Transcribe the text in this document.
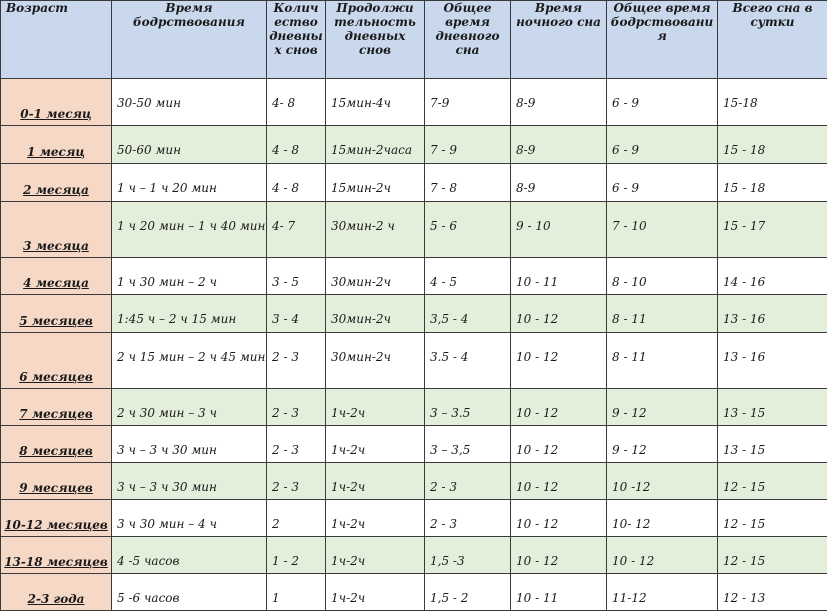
Возраст	Время бодрствования	Колич ество дневны х снов	Продолжи тельность дневных снов	Общее время дневного сна	Время ночного сна	Общее время бодрствовани я	Всего сна в сутки
0-1 месяц	30-50 мин	4- 8	15мин-4ч	7-9	8-9	6 - 9	15-18
1 месяц	50-60 мин	4 - 8	15мин-2часа	7 - 9	8-9	6 - 9	15 - 18
2 месяца	1 ч – 1 ч 20 мин	4 - 8	15мин-2ч	7 - 8	8-9	6 - 9	15 - 18
3 месяца	1 ч 20 мин – 1 ч 40 мин	4- 7	30мин-2 ч	5 - 6	9 - 10	7 - 10	15 - 17
4 месяца	1 ч 30 мин – 2 ч	3 - 5	30мин-2ч	4 - 5	10 - 11	8 - 10	14 - 16
5 месяцев	1:45 ч – 2 ч 15 мин	3 - 4	30мин-2ч	3,5 - 4	10 - 12	8 - 11	13 - 16
6 месяцев	2 ч 15 мин – 2 ч 45 мин	2 - 3	30мин-2ч	3.5 - 4	10 - 12	8 - 11	13 - 16
7 месяцев	2 ч 30 мин – 3 ч	2 - 3	1ч-2ч	3 – 3.5	10 - 12	9 - 12	13 - 15
8 месяцев	3 ч – 3 ч 30 мин	2 - 3	1ч-2ч	3 – 3,5	10 - 12	9 - 12	13 - 15
9 месяцев	3 ч – 3 ч 30 мин	2 - 3	1ч-2ч	2 - 3	10 - 12	10 -12	12 - 15
10-12 месяцев	3 ч 30 мин – 4 ч	2	1ч-2ч	2 - 3	10 - 12	10- 12	12 - 15
13-18 месяцев	4 -5 часов	1 - 2	1ч-2ч	1,5 -3	10 - 12	10 - 12	12 - 15
2-3 года	5 -6 часов	1	1ч-2ч	1,5 - 2	10 - 11	11-12	12 - 13
